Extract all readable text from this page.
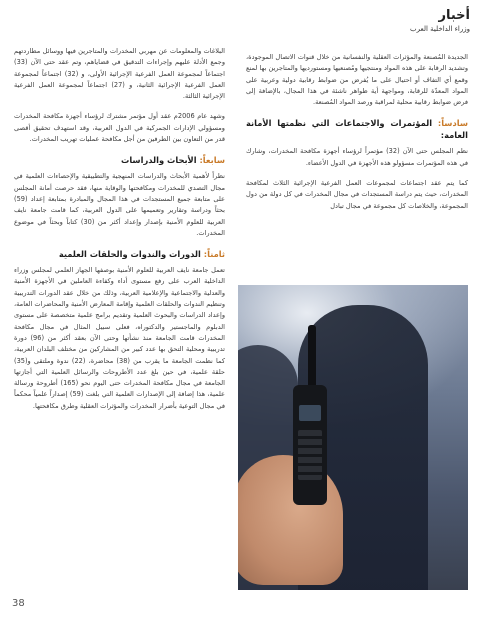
أخبار
وزراء الداخلية العرب

الجديدة المُصنعة والمؤثرات العقلية والنفسانية من خلال قنوات الاتصال الموجودة، وتشديد الرقابة على هذه المواد ومنتجيها ومُصنعيها ومستورديها والمتاجرين بها لمنع وقمع أي التفاف أو احتيال على ما يُفرض من ضوابط رقابية دولية وعربية على المواد المعدّة للرقابة، ومواجهة أية ظواهر ناشئة في هذا المجال، بالإضافة إلى فرض ضوابط رقابية محلية لمراقبة ورصد المواد المُصنعة.

سادساً: المؤتمرات والاجتماعات التي نظمتها الأمانة العامة:

نظم المجلس حتى الآن (32) مؤتمراً لرؤساء أجهزة مكافحة المخدرات، وشارك في هذه المؤتمرات مسؤولو هذه الأجهزة في الدول الأعضاء.

كما يتم عقد اجتماعات لمجموعات العمل الفرعية الإجرائية الثلاث لمكافحة المخدرات، حيث يتم دراسة المستجدات في مجال المخدرات في كل دولة من دول المجموعة، والخلاصات كل مجموعة في مجال تبادل

البلاغات والمعلومات عن مهربي المخدرات والمتاجرين فيها ووسائل مطاردتهم وجمع الأدلة عليهم وإجراءات التدقيق في قضاياهم، وتم عقد حتى الآن (33) اجتماعاً لمجموعة العمل الفرعية الإجرائية الأولى، و (32) اجتماعاً لمجموعة العمل الفرعية الإجرائية الثانية، و (27) اجتماعاً لمجموعة العمل الفرعية الإجرائية الثالثة.

وشهد عام 2006م عقد أول مؤتمر مشترك لرؤساء أجهزة مكافحة المخدرات ومسؤولي الإدارات الجمركية في الدول العربية، وقد استهدف تحقيق أقصى قدر من التعاون بين الطرفين من أجل مكافحة عمليات تهريب المخدرات.

سابعاً: الأبحاث والدراسات

نظراً لأهمية الأبحاث والدراسات المنهجية والتطبيقية والإحصاءات العلمية في مجال التصدي للمخدرات ومكافحتها والوقاية منها، فقد حرصت أمانة المجلس على متابعة جميع المستجدات في هذا المجال والمبادرة بمتابعة إعداد (59) بحثاً ودراسة وتقارير وتعميمها على الدول العربية، كما قامت جامعة نايف العربية للعلوم الأمنية بإصدار وإعداد أكثر من (30) كتاباً وبحثاً في موضوع المخدرات.

ثامناً: الدورات والندوات والحلقات العلمية

تعمل جامعة نايف العربية للعلوم الأمنية بوصفها الجهاز العلمي لمجلس وزراء الداخلية العرب على رفع مستوى أداء وكفاءة العاملين في الأجهزة الأمنية والعدلية والاجتماعية والإعلامية العربية، وذلك من خلال عقد الدورات التدريبية وتنظيم الندوات والحلقات العلمية وإقامة المعارض الأمنية والمحاضرات العامة، وإعداد الدراسات والبحوث العلمية وتقديم برامج علمية متخصصة على مستوى الدبلوم والماجستير والدكتوراه، فعلى سبيل المثال في مجال مكافحة المخدرات قامت الجامعة منذ نشأتها وحتى الآن بعقد أكثر من (96) دورة تدريبية ومحلية التحق بها عدد كبير من المشاركين من مختلف البلدان العربية، كما نظمت الجامعة ما يقرب من (38) محاضرة، (22) ندوة وملتقى و(35) حلقة علمية، في حين بلغ عدد الأطروحات والرسائل العلمية التي أجازتها الجامعة في مجال مكافحة المخدرات حتى اليوم نحو (165) أطروحة ورسالة علمية، هذا إضافة إلى الإصدارات العلمية التي بلغت (59) إصداراً علمياً محكماً في مجال التوعية بأضرار المخدرات والمؤثرات العقلية وطرق مكافحتها.

38
